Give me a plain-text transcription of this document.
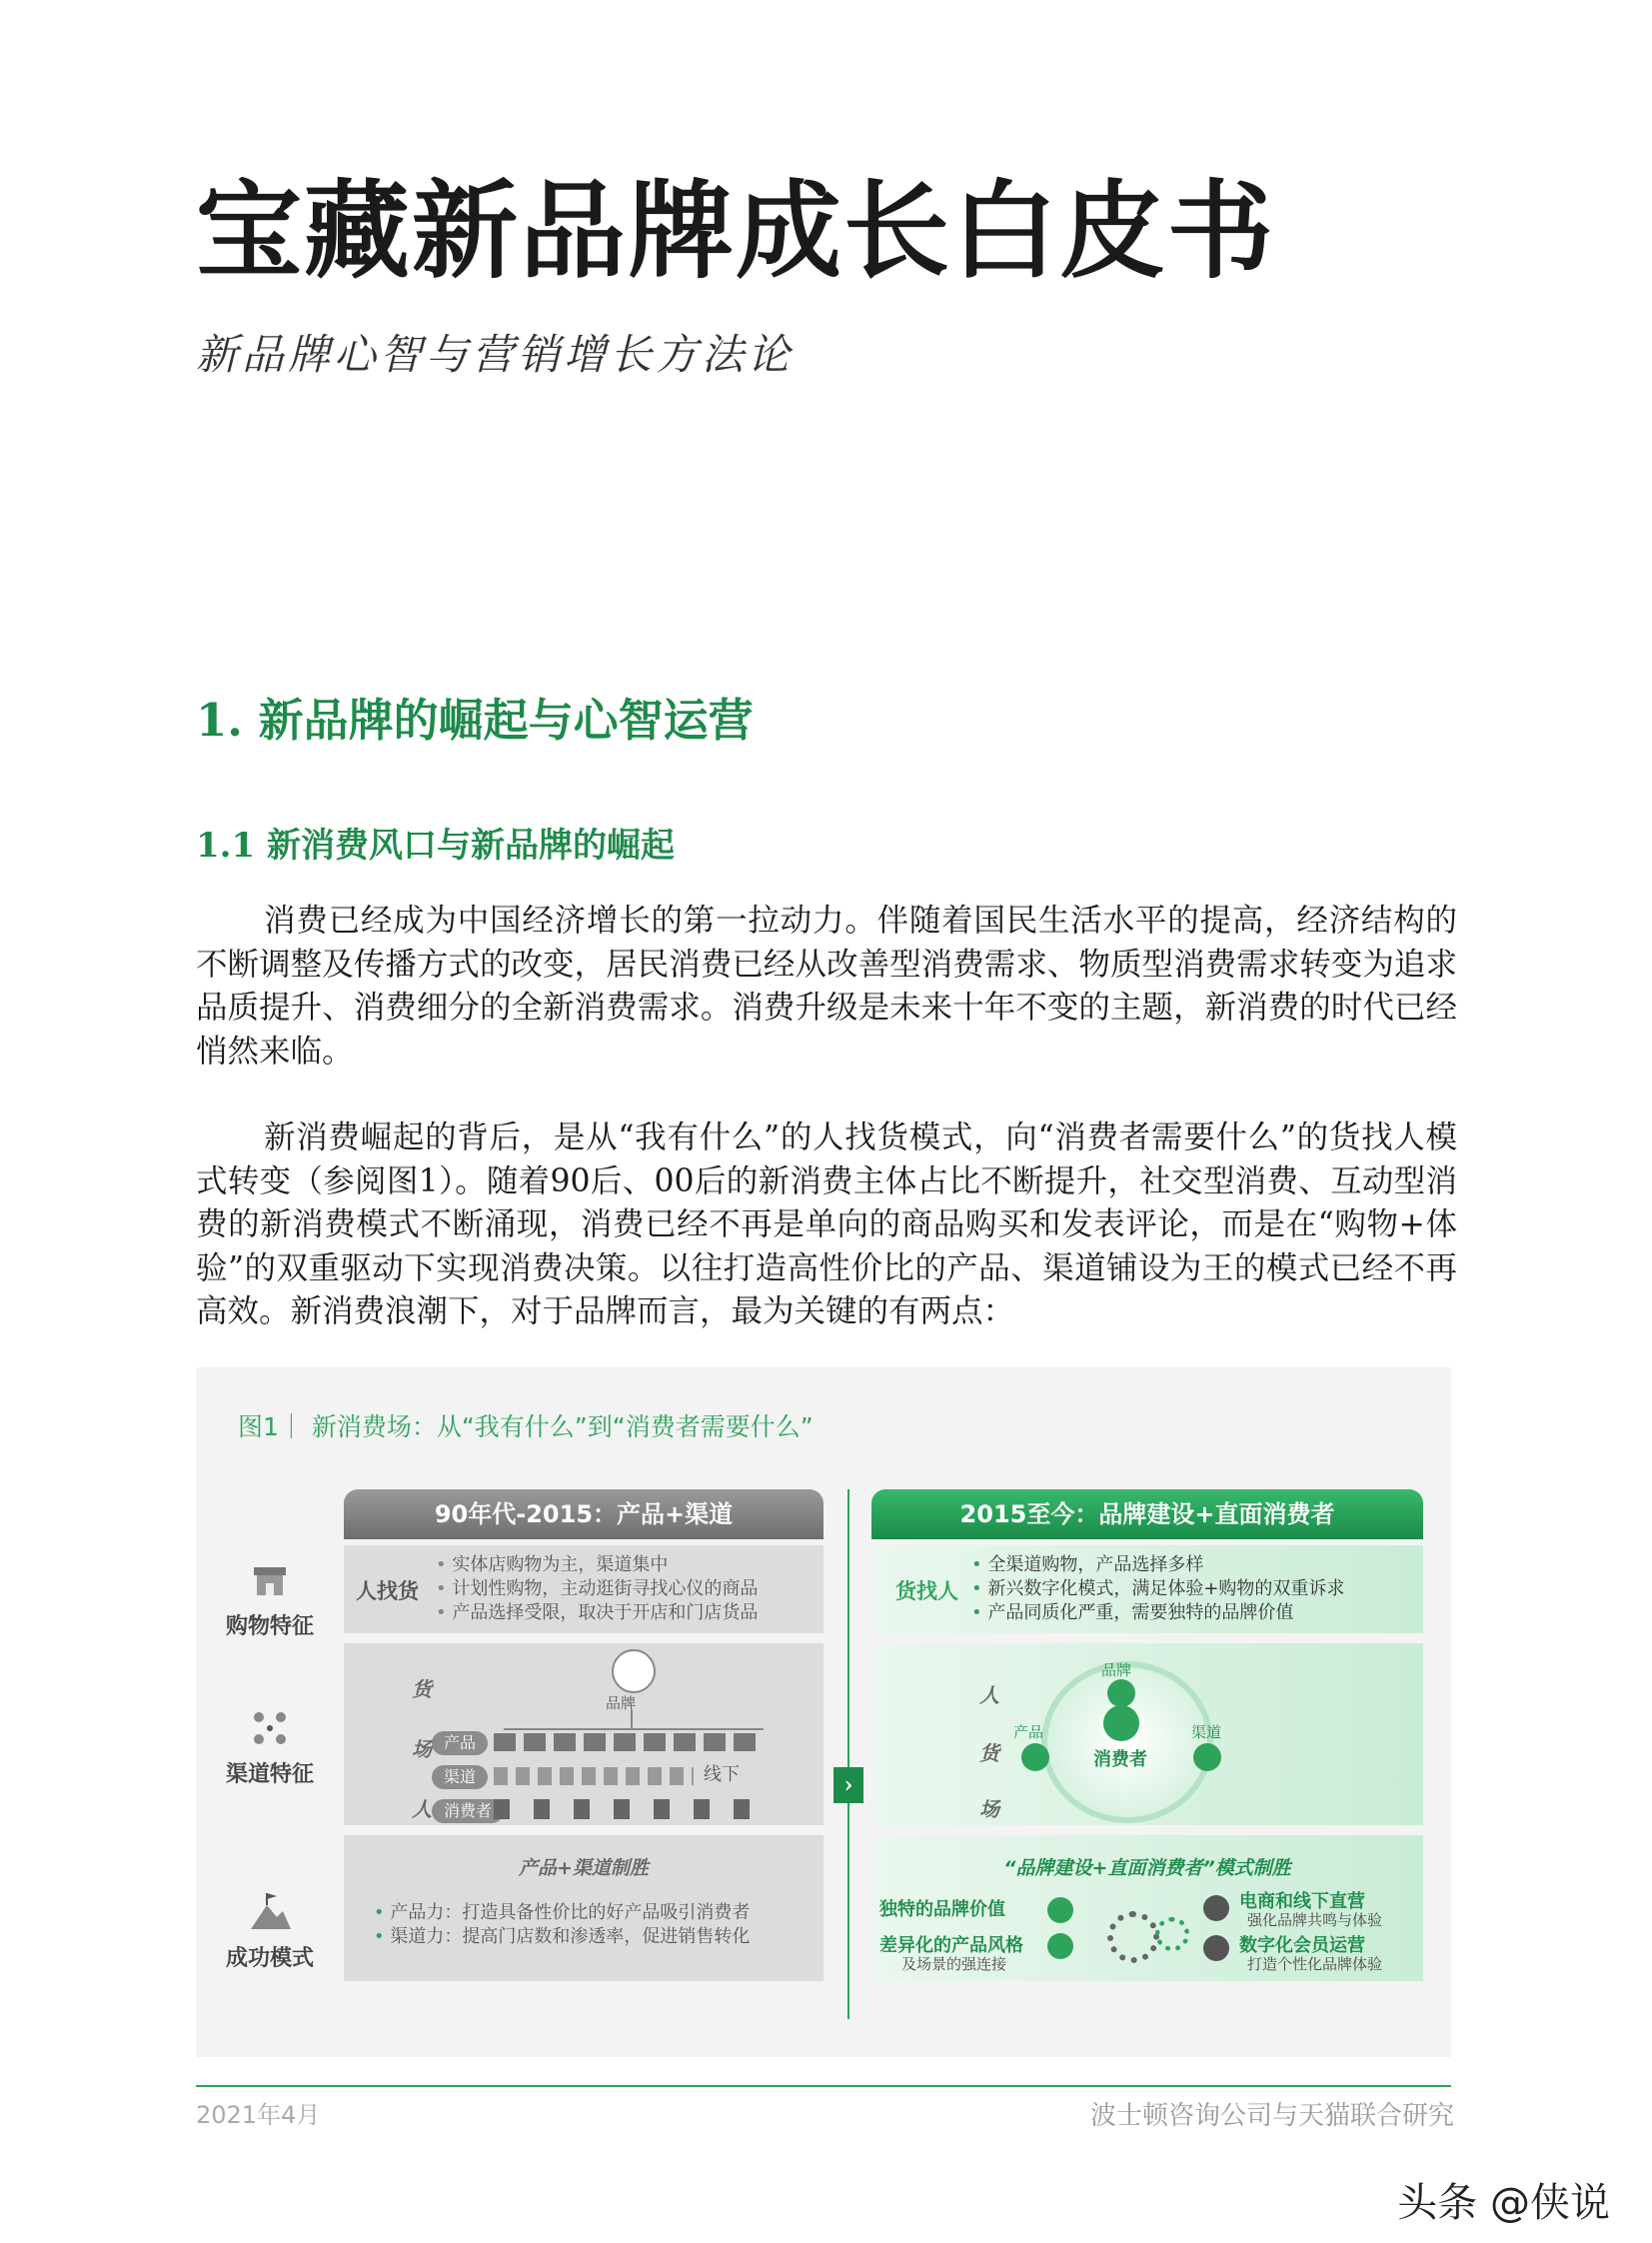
宝藏新品牌成长白皮书
新品牌心智与营销增长方法论
1. 新品牌的崛起与心智运营
1.1 新消费风口与新品牌的崛起

消费已经成为中国经济增长的第一拉动力。伴随着国民生活水平的提高，经济结构的不断调整及传播方式的改变，居民消费已经从改善型消费需求、物质型消费需求转变为追求品质提升、消费细分的全新消费需求。消费升级是未来十年不变的主题，新消费的时代已经悄然来临。

新消费崛起的背后，是从“我有什么”的人找货模式，向“消费者需要什么”的货找人模式转变（参阅图1）。随着90后、00后的新消费主体占比不断提升，社交型消费、互动型消费的新消费模式不断涌现，消费已经不再是单向的商品购买和发表评论，而是在“购物+体验”的双重驱动下实现消费决策。以往打造高性价比的产品、渠道铺设为王的模式已经不再高效。新消费浪潮下，对于品牌而言，最为关键的有两点：

图1｜ 新消费场：从“我有什么”到“消费者需要什么”
90年代-2015：产品+渠道	2015至今：品牌建设+直面消费者
›
购物特征
渠道特征
成功模式
人找货
• 实体店购物为主，渠道集中
• 计划性购物，主动逛街寻找心仪的商品
• 产品选择受限，取决于开店和门店货品
货找人
• 全渠道购物，产品选择多样
• 新兴数字化模式，满足体验+购物的双重诉求
• 产品同质化严重，需要独特的品牌价值
货
场
人
品牌
产品
渠道
消费者
线下
人
货
场
消费者
品牌
产品	渠道
产品+渠道制胜
• 产品力：打造具备性价比的好产品吸引消费者
• 渠道力：提高门店数和渗透率，促进销售转化
“品牌建设+直面消费者”模式制胜
独特的品牌价值
差异化的产品风格
及场景的强连接
电商和线下直营
强化品牌共鸣与体验
数字化会员运营
打造个性化品牌体验
2021年4月	波士顿咨询公司与天猫联合研究
头条 @侠说
